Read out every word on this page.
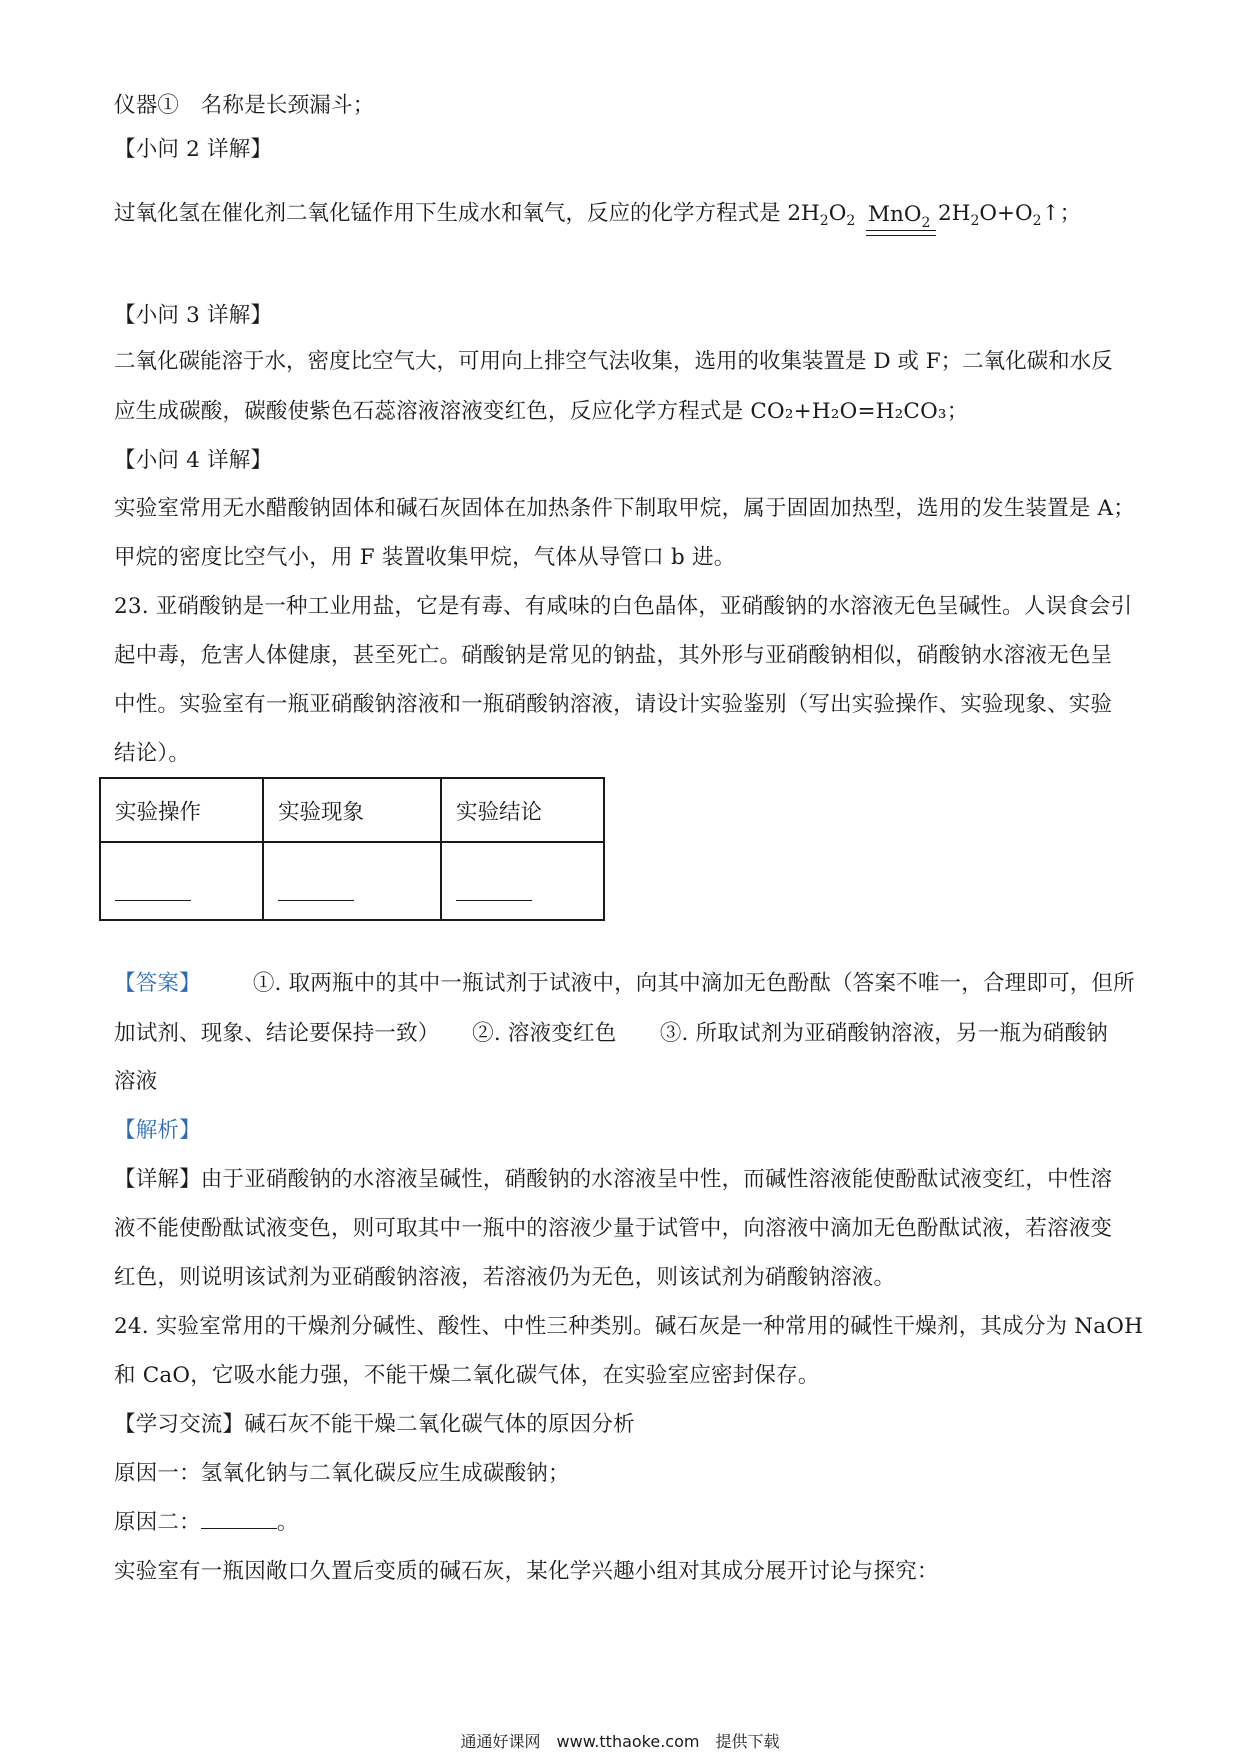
仪器①　名称是长颈漏斗；
【小问 2 详解】
过氧化氢在催化剂二氧化锰作用下生成水和氧气，反应的化学方程式是 $2H_2O_2$ MnO$_2$ $2H_2O+O_2↑$；
【小问 3 详解】
二氧化碳能溶于水，密度比空气大，可用向上排空气法收集，选用的收集装置是 D 或 F；二氧化碳和水反
应生成碳酸，碳酸使紫色石蕊溶液溶液变红色，反应化学方程式是 CO₂+H₂O=H₂CO₃；
【小问 4 详解】
实验室常用无水醋酸钠固体和碱石灰固体在加热条件下制取甲烷，属于固固加热型，选用的发生装置是 A；
甲烷的密度比空气小，用 F 装置收集甲烷，气体从导管口 b 进。
23. 亚硝酸钠是一种工业用盐，它是有毒、有咸味的白色晶体，亚硝酸钠的水溶液无色呈碱性。人误食会引
起中毒，危害人体健康，甚至死亡。硝酸钠是常见的钠盐，其外形与亚硝酸钠相似，硝酸钠水溶液无色呈
中性。实验室有一瓶亚硝酸钠溶液和一瓶硝酸钠溶液，请设计实验鉴别（写出实验操作、实验现象、实验
结论）。
实验操作	实验现象	实验结论

【答案】 ①. 取两瓶中的其中一瓶试剂于试液中，向其中滴加无色酚酞（答案不唯一，合理即可，但所
加试剂、现象、结论要保持一致）　　②. 溶液变红色　　③. 所取试剂为亚硝酸钠溶液，另一瓶为硝酸钠
溶液
【解析】
【详解】由于亚硝酸钠的水溶液呈碱性，硝酸钠的水溶液呈中性，而碱性溶液能使酚酞试液变红，中性溶
液不能使酚酞试液变色，则可取其中一瓶中的溶液少量于试管中，向溶液中滴加无色酚酞试液，若溶液变
红色，则说明该试剂为亚硝酸钠溶液，若溶液仍为无色，则该试剂为硝酸钠溶液。
24. 实验室常用的干燥剂分碱性、酸性、中性三种类别。碱石灰是一种常用的碱性干燥剂，其成分为 NaOH
和 CaO，它吸水能力强，不能干燥二氧化碳气体，在实验室应密封保存。
【学习交流】碱石灰不能干燥二氧化碳气体的原因分析
原因一：氢氧化钠与二氧化碳反应生成碳酸钠；
原因二：	。
实验室有一瓶因敞口久置后变质的碱石灰，某化学兴趣小组对其成分展开讨论与探究：
通通好课网　www.tthaoke.com　提供下载
